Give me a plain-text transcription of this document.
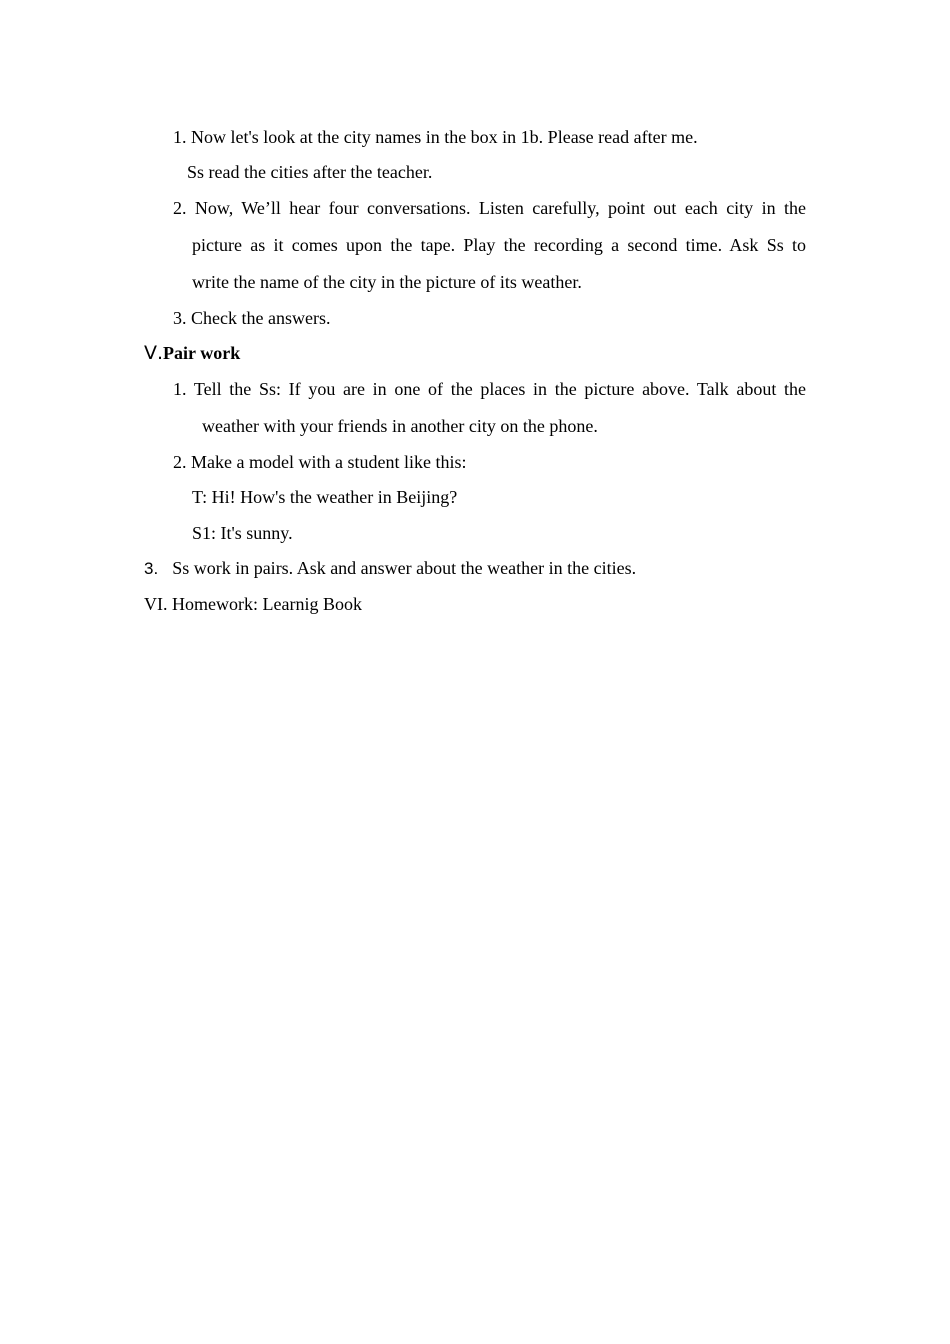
1. Now let's look at the city names in the box in 1b. Please read after me.
Ss read the cities after the teacher.
2. Now, We’ll hear four conversations. Listen carefully, point out each city in the
picture as it comes upon the tape. Play the recording a second time. Ask Ss to
write the name of the city in the picture of its weather.
3. Check the answers.
Ⅴ.Pair work
1. Tell the Ss: If you are in one of the places in the picture above. Talk about the
weather with your friends in another city on the phone.
2. Make a model with a student like this:
T: Hi! How's the weather in Beijing?
S1: It's sunny.
3. Ss work in pairs. Ask and answer about the weather in the cities.
VI. Homework: Learnig Book
